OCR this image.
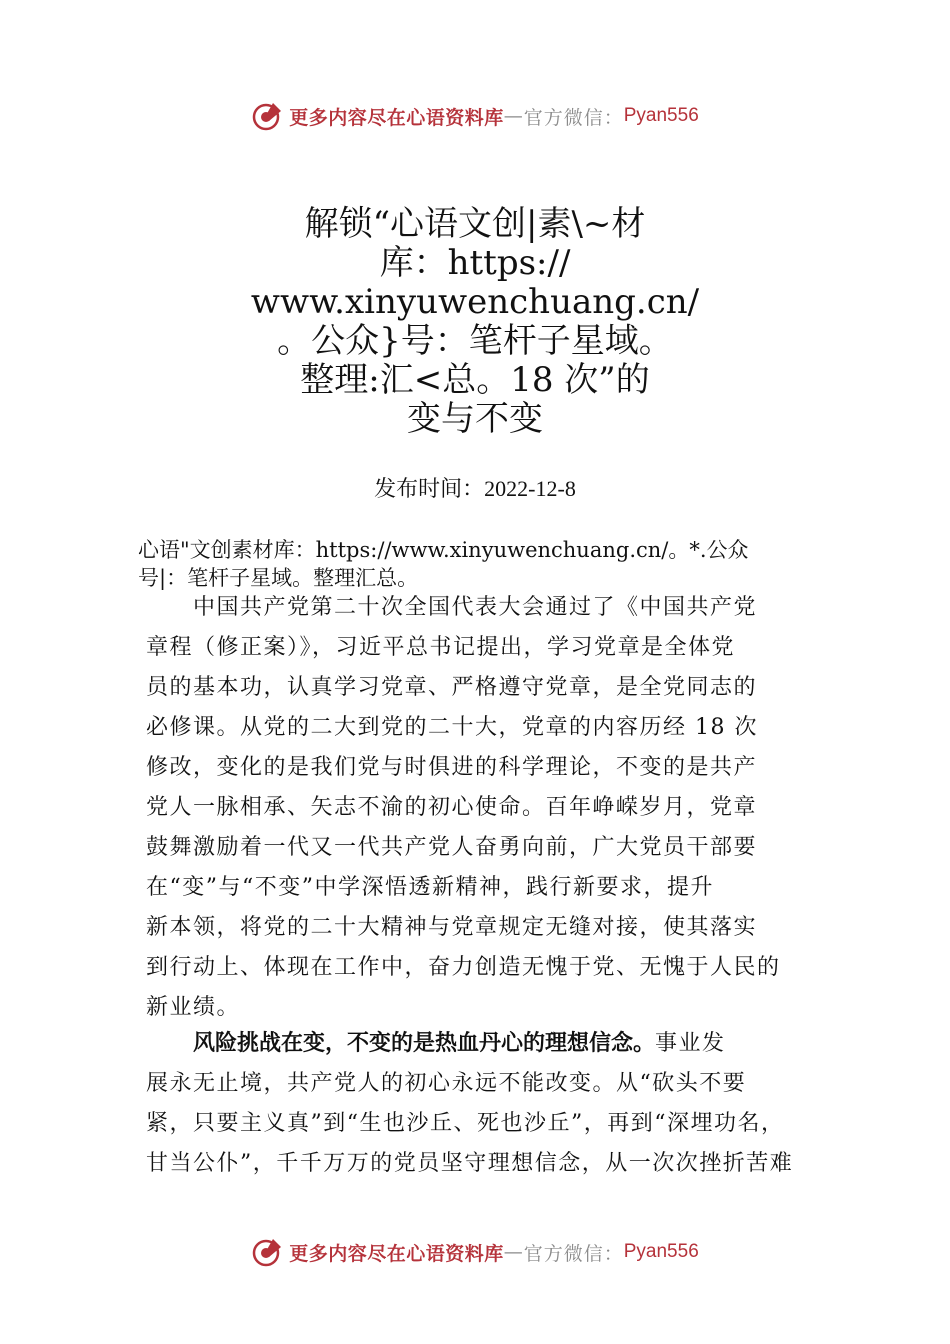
更多内容尽在心语资料库 — 官方微信： Pyan556
解锁“心语文创|素\~材
库：https://
www.xinyuwenchuang.cn/
。公众}号：笔杆子星域。
整理:汇<总。18 次”的
变与不变
发布时间：2022-12-8
心语"文创素材库：https://www.xinyuwenchuang.cn/。*.公众
号|：笔杆子星域。整理汇总。
　　中国共产党第二十次全国代表大会通过了《中国共产党
章程（修正案）》，习近平总书记提出，学习党章是全体党
员的基本功，认真学习党章、严格遵守党章，是全党同志的
必修课。从党的二大到党的二十大，党章的内容历经 18 次
修改，变化的是我们党与时俱进的科学理论，不变的是共产
党人一脉相承、矢志不渝的初心使命。百年峥嵘岁月，党章
鼓舞激励着一代又一代共产党人奋勇向前，广大党员干部要
在“变”与“不变”中学深悟透新精神，践行新要求，提升
新本领，将党的二十大精神与党章规定无缝对接，使其落实
到行动上、体现在工作中，奋力创造无愧于党、无愧于人民的
新业绩。
　　风险挑战在变，不变的是热血丹心的理想信念。事业发
展永无止境，共产党人的初心永远不能改变。从“砍头不要
紧，只要主义真”到“生也沙丘、死也沙丘”，再到“深埋功名，
甘当公仆”，千千万万的党员坚守理想信念，从一次次挫折苦难
更多内容尽在心语资料库 — 官方微信： Pyan556
